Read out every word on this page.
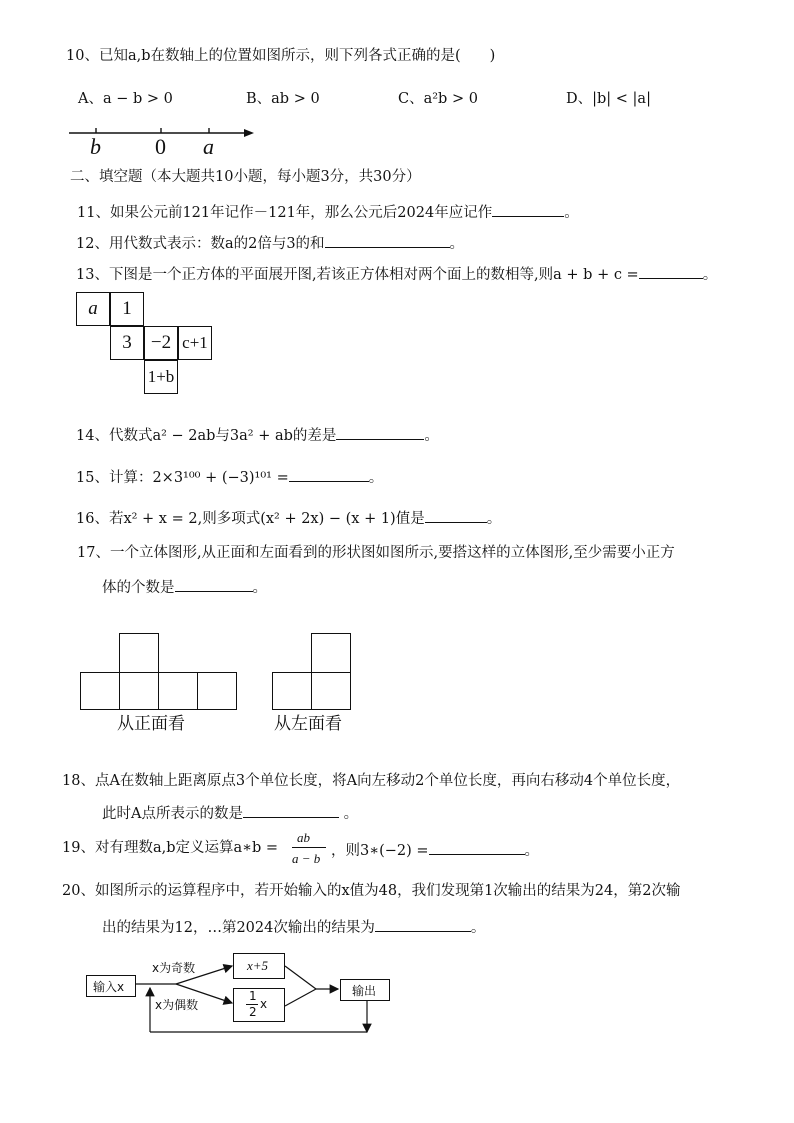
10、已知a,b在数轴上的位置如图所示，则下列各式正确的是(　　)
A、a − b > 0	B、ab > 0	C、a²b > 0	D、|b| < |a|
b 0 a
二、填空题（本大题共10小题，每小题3分，共30分）
11、如果公元前121年记作－121年，那么公元后2024年应记作	。
12、用代数式表示：数a的2倍与3的和	。
13、下图是一个正方体的平面展开图,若该正方体相对两个面上的数相等,则a + b + c =	。
a	1
3	−2 c+1
1+b
14、代数式a² − 2ab与3a² + ab的差是	。
15、计算：2×3¹⁰⁰ + (−3)¹⁰¹ =	。
16、若x² + x = 2,则多项式(x² + 2x) − (x + 1)值是	。
17、一个立体图形,从正面和左面看到的形状图如图所示,要搭这样的立体图形,至少需要小正方
体的个数是	。
从正面看	从左面看
18、点A在数轴上距离原点3个单位长度，将A向左移动2个单位长度，再向右移动4个单位长度，
此时A点所表示的数是	。
19、对有理数a,b定义运算a∗b =
ab
a − b ，则3∗(−2) =	。
20、如图所示的运算程序中，若开始输入的x值为48，我们发现第1次输出的结果为24，第2次输
出的结果为12，…第2024次输出的结果为	。
输入x
x为奇数
x为偶数
x+5
1
2
x
输出
